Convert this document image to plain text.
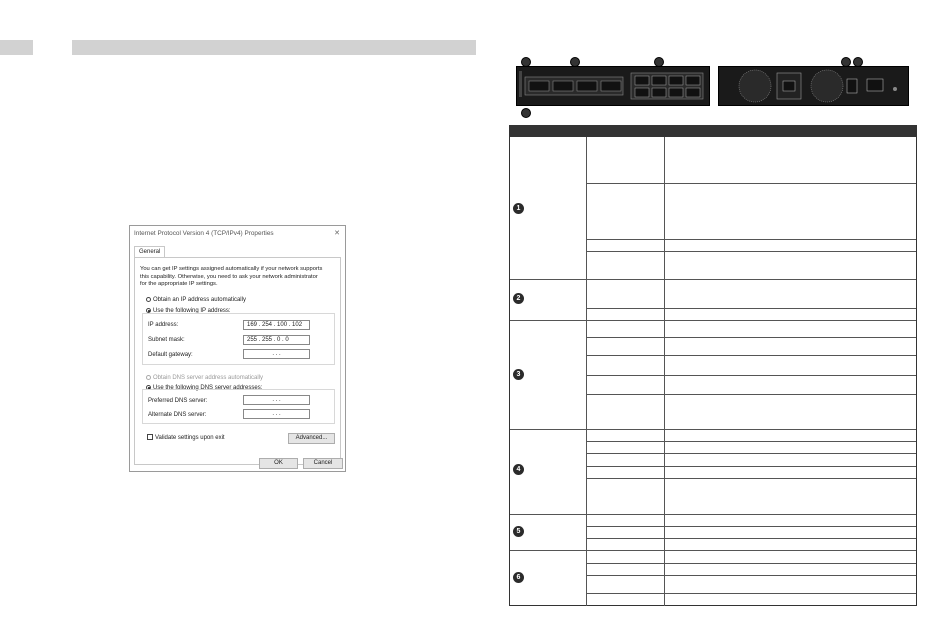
Internet Protocol Version 4 (TCP/IPv4) Properties	✕
General
You can get IP settings assigned automatically if your network supports
this capability. Otherwise, you need to ask your network administrator
for the appropriate IP settings.
Obtain an IP address automatically
Use the following IP address:
IP address:	169 . 254 . 100 . 102
Subnet mask:	255 . 255 . 0 . 0
Default gateway:	. . .
Obtain DNS server address automatically
Use the following DNS server addresses:
Preferred DNS server:	. . .
Alternate DNS server:	. . .
Validate settings upon exit	Advanced...
OK	Cancel
1
2
3
4
5
6
